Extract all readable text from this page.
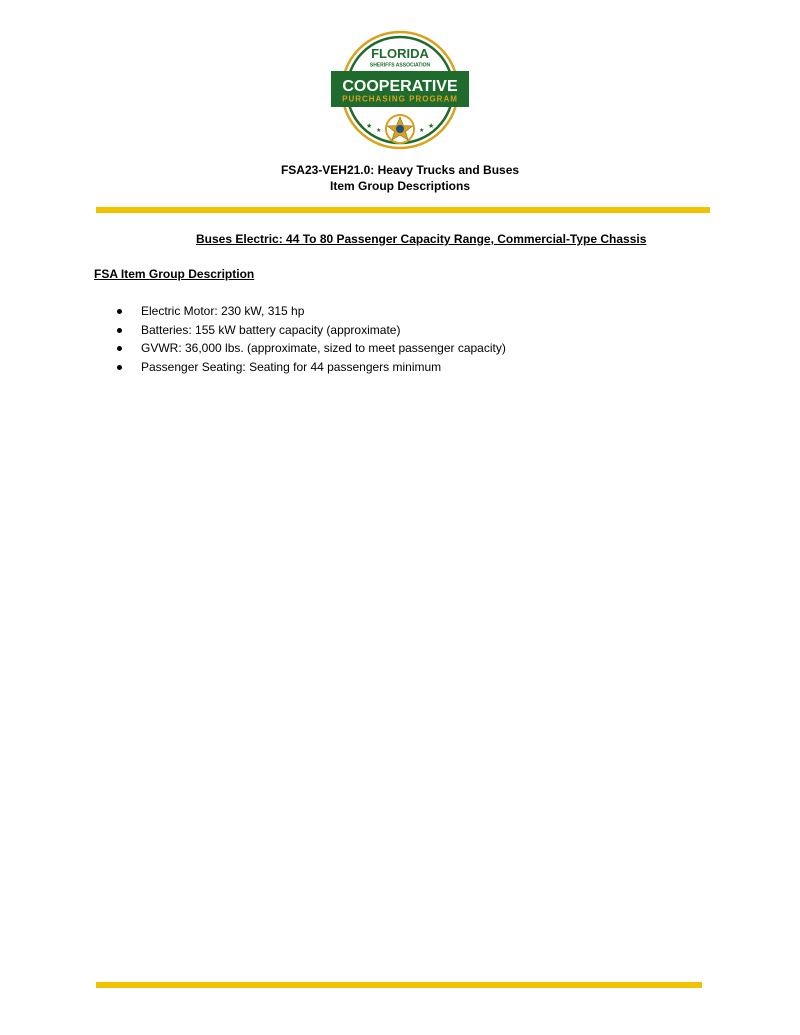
FLORIDA
SHERIFFS ASSOCIATION
COOPERATIVE
PURCHASING PROGRAM
★
★	★
★
FSA23-VEH21.0: Heavy Trucks and Buses
Item Group Descriptions
Buses Electric: 44 To 80 Passenger Capacity Range, Commercial-Type Chassis
FSA Item Group Description
Electric Motor: 230 kW, 315 hp
Batteries: 155 kW battery capacity (approximate)
GVWR: 36,000 lbs. (approximate, sized to meet passenger capacity)
Passenger Seating: Seating for 44 passengers minimum
